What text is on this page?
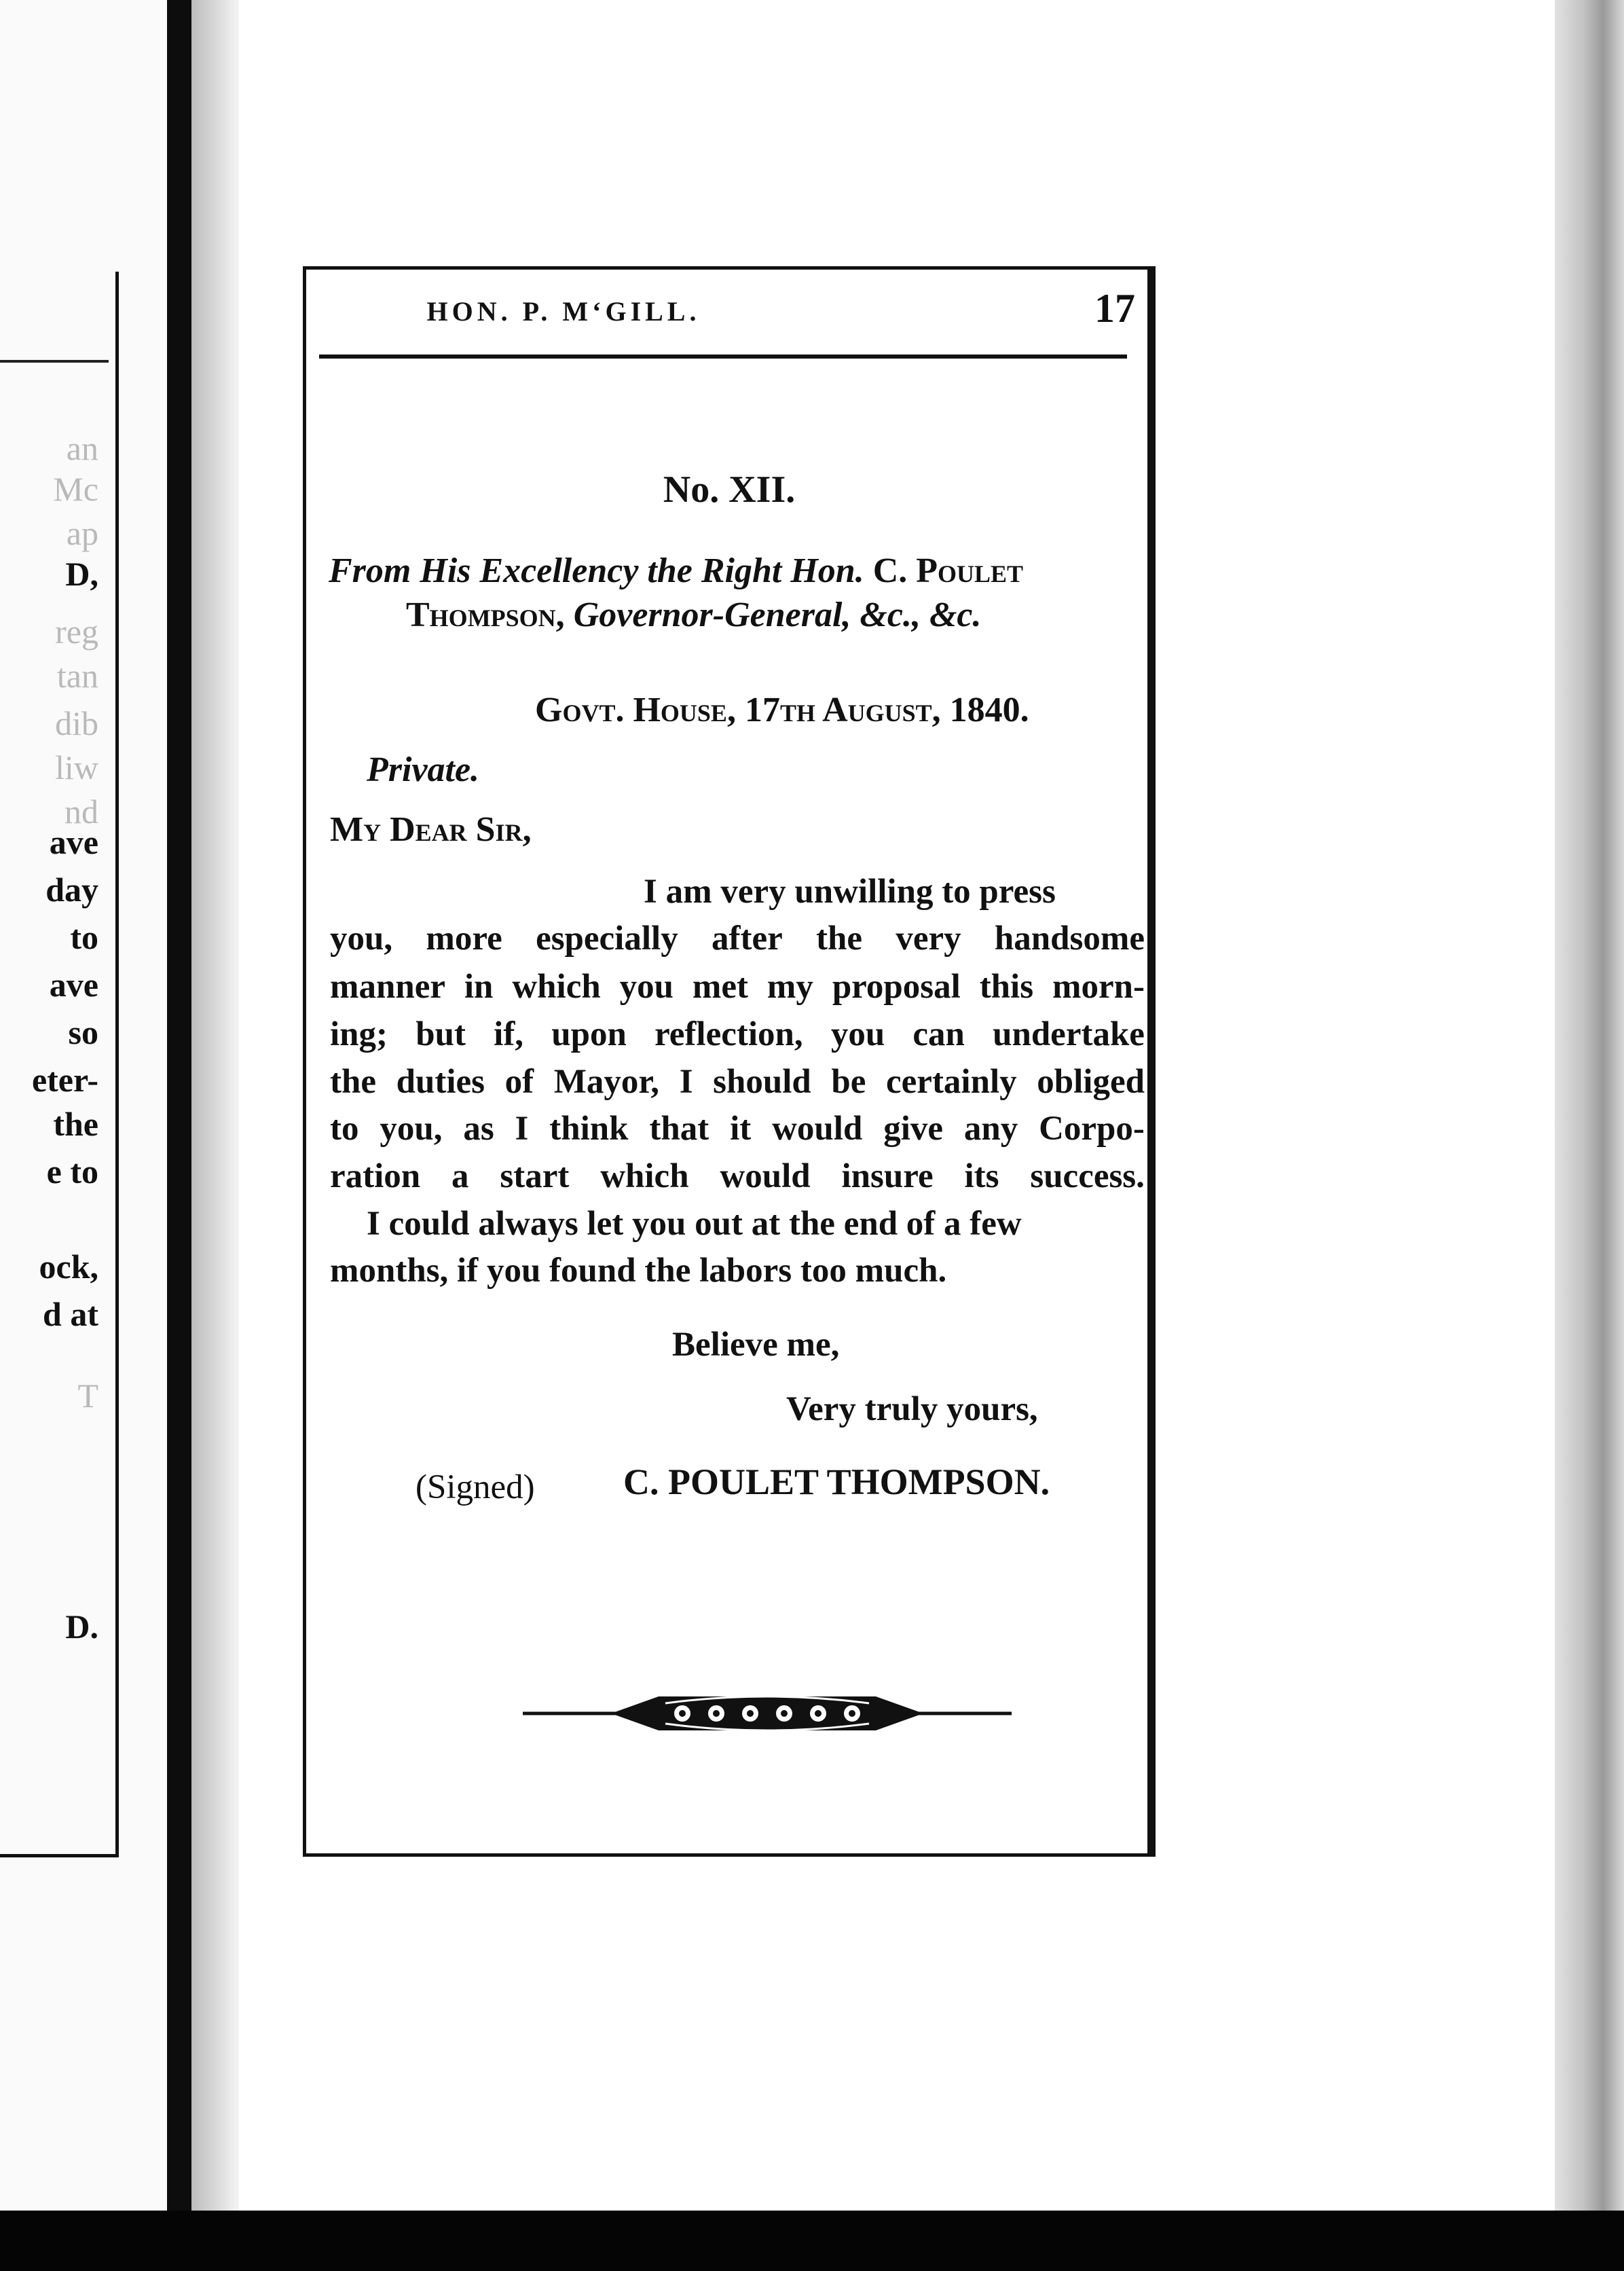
an
Mc
ap
D,
reg
tan
dib
liw
nd
ave
day
to
ave
so
eter-
the
e to
ock,
d at
T
D.
HON. P. M‘GILL.	17
No. XII.
From His Excellency the Right Hon. C. Poulet
Thompson, Governor-General, &c., &c.
Govt. House, 17th August, 1840.
Private.
My Dear Sir,
I am very unwilling to press
you, more especially after the very handsome
manner in which you met my proposal this morn-
ing; but if, upon reflection, you can undertake
the duties of Mayor, I should be certainly obliged
to you, as I think that it would give any Corpo-
ration a start which would insure its success.
I could always let you out at the end of a few
months, if you found the labors too much.
Believe me,
Very truly yours,
(Signed) C. POULET THOMPSON.
